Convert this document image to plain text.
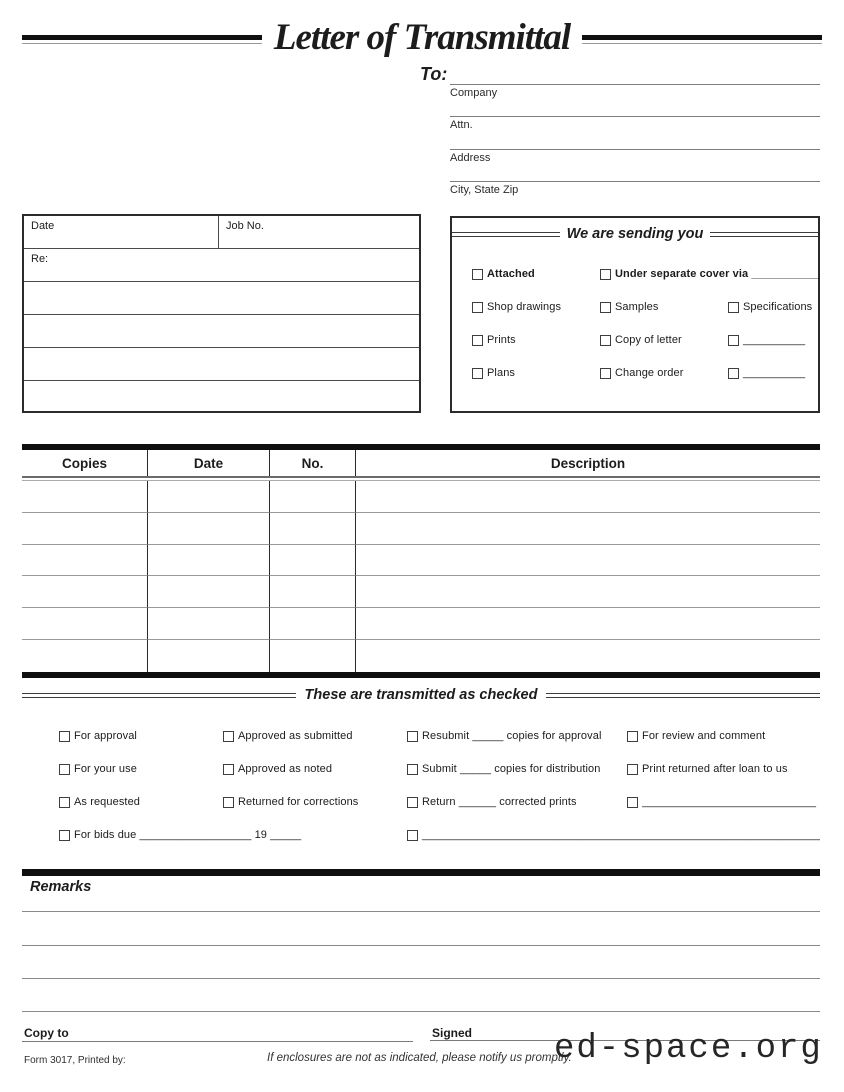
Letter of Transmittal
To:
Company
Attn.
Address
City, State Zip
Date	Job No.
Re:
We are sending you
Attached	Under separate cover via ___________
Shop drawings	Samples	Specifications
Prints	Copy of letter	__________
Plans	Change order	__________
Copies	Date	No.	Description
These are transmitted as checked
For approval	Approved as submitted	Resubmit _____ copies for approval	For review and comment
For your use	Approved as noted	Submit _____ copies for distribution	Print returned after loan to us
As requested	Returned for corrections	Return ______ corrected prints	____________________________
For bids due __________________ 19 _____	________________________________________________________________
Remarks
Copy to	Signed
Form 3017, Printed by:	If enclosures are not as indicated, please notify us promptly.
ed-space.org
